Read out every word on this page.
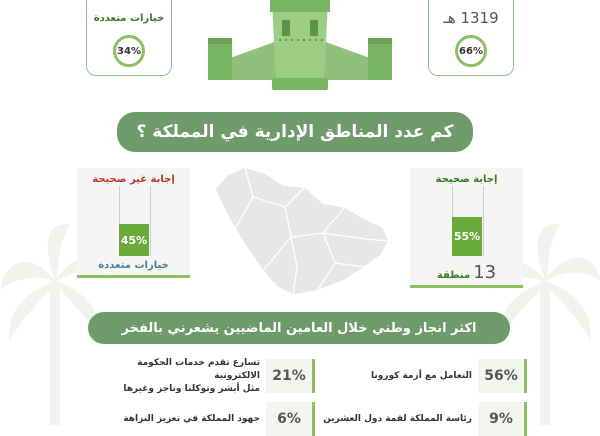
خيارات متعددة
34%
1319 هـ
66%
كم عدد المناطق الإدارية في المملكة ؟
إجابة غير صحيحة
45%
خيارات متعددة
إجابة صحيحة
55%
منطقة 13
اكثر انجاز وطني خلال العامين الماضيين يشعرني بالفخر
56%
التعامل مع أزمة كورونا
21%
تسارع تقدم خدمات الحكومة الالكترونية
مثل أبشر وتوكلنا وناجز وغيرها
9%
رئاسة المملكة لقمة دول العشرين
6%
جهود المملكة في تعزيز النزاهة
